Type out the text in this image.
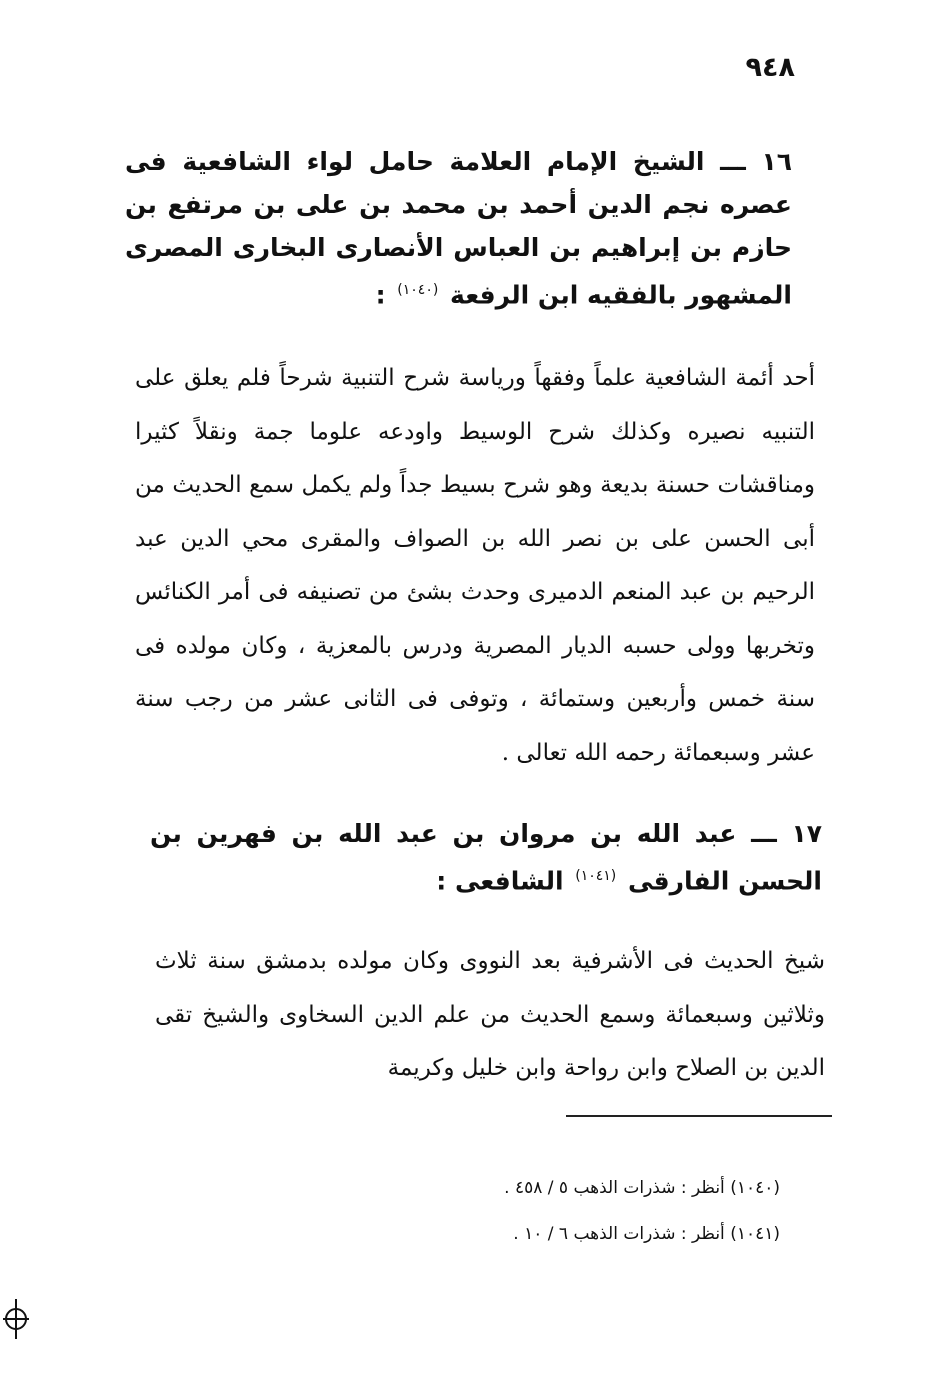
٩٤٨
١٦ ـــ الشيخ الإمام العلامة حامل لواء الشافعية فى عصره نجم الدين أحمد بن محمد بن على بن مرتفع بن حازم بن إبراهيم بن العباس الأنصارى البخارى المصرى المشهور بالفقيه ابن الرفعة $^{(١٠٤٠)}$ :
أحد أئمة الشافعية علماً وفقهاً ورياسة شرح التنبية شرحاً فلم يعلق على التنبيه نصيره وكذلك شرح الوسيط واودعه علوما جمة ونقلاً كثيرا ومناقشات حسنة بديعة وهو شرح بسيط جداً ولم يكمل سمع الحديث من أبى الحسن على بن نصر الله بن الصواف والمقرى محي الدين عبد الرحيم بن عبد المنعم الدميرى وحدث بشئ من تصنيفه فى أمر الكنائس وتخربها وولى حسبه الديار المصرية ودرس بالمعزية ، وكان مولده فى سنة خمس وأربعين وستمائة ، وتوفى فى الثانى عشر من رجب سنة عشر وسبعمائة رحمه الله تعالى .
١٧ ـــ عبد الله بن مروان بن عبد الله بن فهرين بن الحسن الفارقى $^{(١٠٤١)}$ الشافعى :
شيخ الحديث فى الأشرفية بعد النووى وكان مولده بدمشق سنة ثلاث وثلاثين وسبعمائة وسمع الحديث من علم الدين السخاوى والشيخ تقى الدين بن الصلاح وابن رواحة وابن خليل وكريمة
(١٠٤٠) أنظر : شذرات الذهب ٥ / ٤٥٨ .
(١٠٤١) أنظر : شذرات الذهب ٦ / ١٠ .
